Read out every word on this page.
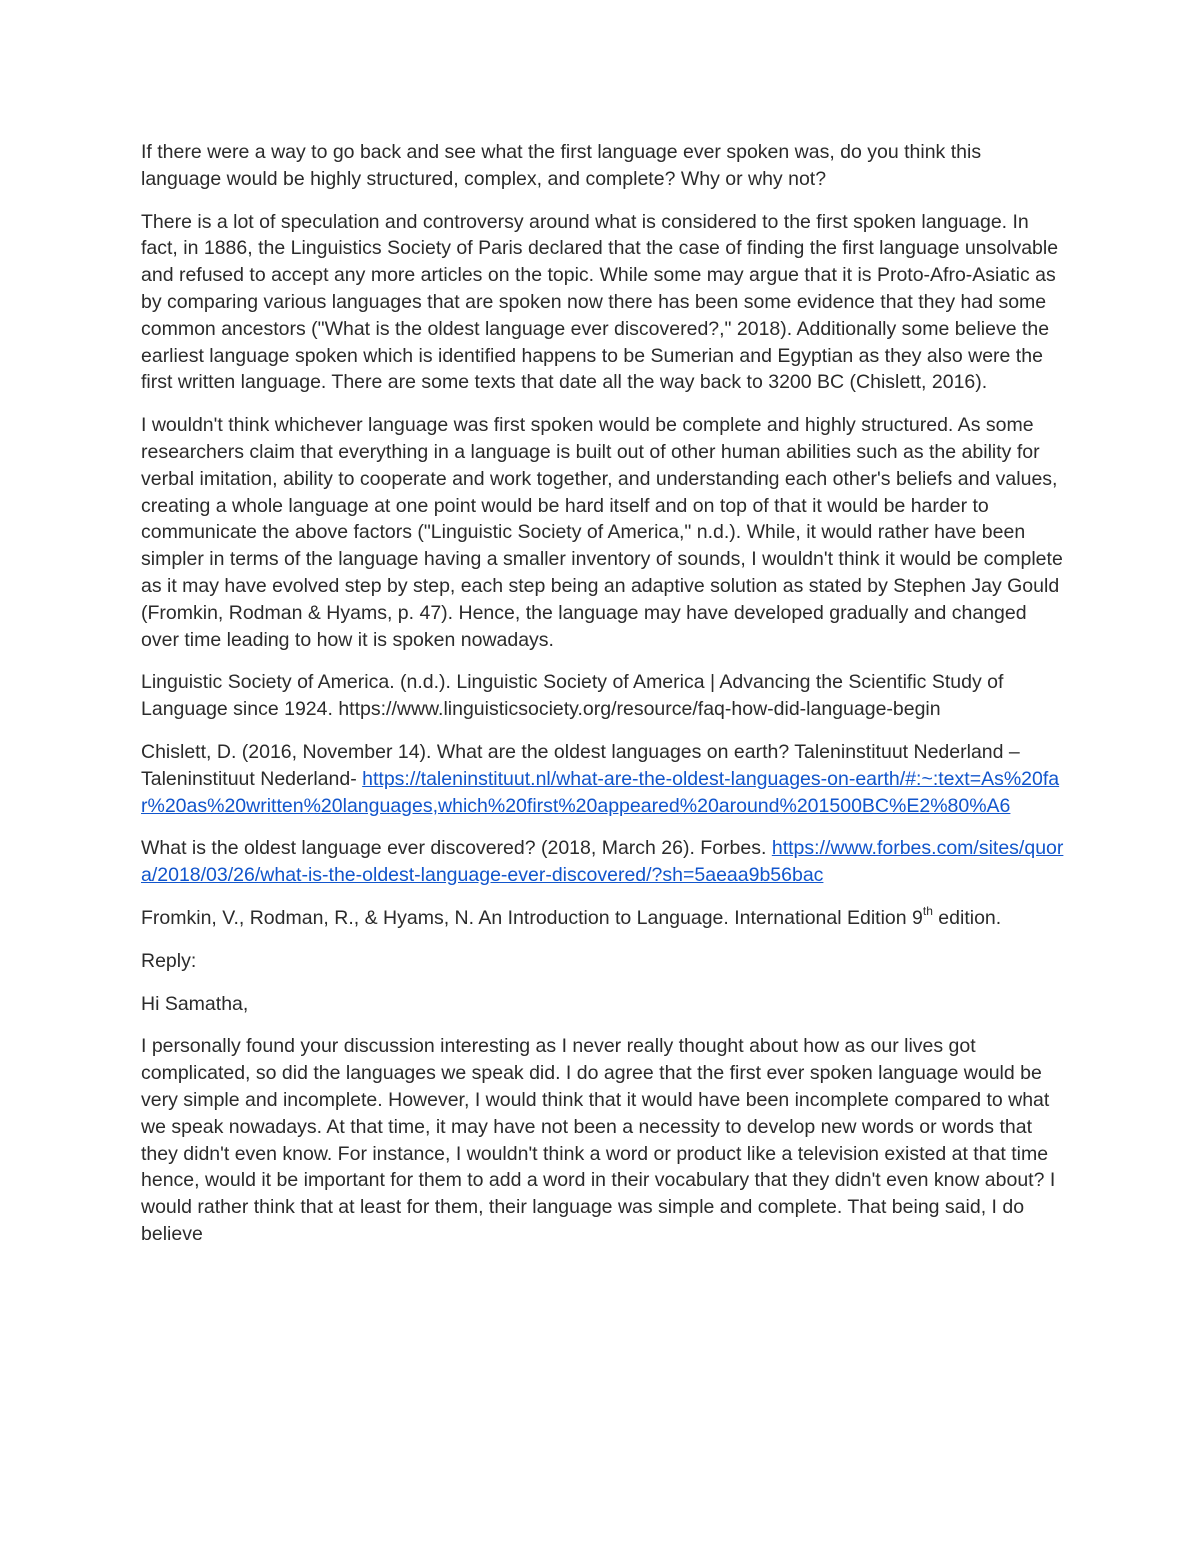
If there were a way to go back and see what the first language ever spoken was, do you think this language would be highly structured, complex, and complete? Why or why not?

There is a lot of speculation and controversy around what is considered to the first spoken language. In fact, in 1886, the Linguistics Society of Paris declared that the case of finding the first language unsolvable and refused to accept any more articles on the topic. While some may argue that it is Proto-Afro-Asiatic as by comparing various languages that are spoken now there has been some evidence that they had some common ancestors ("What is the oldest language ever discovered?," 2018). Additionally some believe the earliest language spoken which is identified happens to be Sumerian and Egyptian as they also were the first written language. There are some texts that date all the way back to 3200 BC (Chislett, 2016).

I wouldn't think whichever language was first spoken would be complete and highly structured. As some researchers claim that everything in a language is built out of other human abilities such as the ability for verbal imitation, ability to cooperate and work together, and understanding each other's beliefs and values, creating a whole language at one point would be hard itself and on top of that it would be harder to communicate the above factors ("Linguistic Society of America," n.d.). While, it would rather have been simpler in terms of the language having a smaller inventory of sounds, I wouldn't think it would be complete as it may have evolved step by step, each step being an adaptive solution as stated by Stephen Jay Gould (Fromkin, Rodman & Hyams, p. 47). Hence, the language may have developed gradually and changed over time leading to how it is spoken nowadays.

Linguistic Society of America. (n.d.). Linguistic Society of America | Advancing the Scientific Study of Language since 1924. https://www.linguisticsociety.org/resource/faq-how-did-language-begin

Chislett, D. (2016, November 14). What are the oldest languages on earth? Taleninstituut Nederland – Taleninstituut Nederland- https://taleninstituut.nl/what-are-the-oldest-languages-on-earth/#:~:text=As%20far%20as%20written%20languages,which%20first%20appeared%20around%201500BC%E2%80%A6

What is the oldest language ever discovered? (2018, March 26). Forbes. https://www.forbes.com/sites/quora/2018/03/26/what-is-the-oldest-language-ever-discovered/?sh=5aeaa9b56bac

Fromkin, V., Rodman, R., & Hyams, N. An Introduction to Language. International Edition 9th edition.

Reply:

Hi Samatha,

I personally found your discussion interesting as I never really thought about how as our lives got complicated, so did the languages we speak did. I do agree that the first ever spoken language would be very simple and incomplete. However, I would think that it would have been incomplete compared to what we speak nowadays. At that time, it may have not been a necessity to develop new words or words that they didn't even know. For instance, I wouldn't think a word or product like a television existed at that time hence, would it be important for them to add a word in their vocabulary that they didn't even know about? I would rather think that at least for them, their language was simple and complete. That being said, I do believe
